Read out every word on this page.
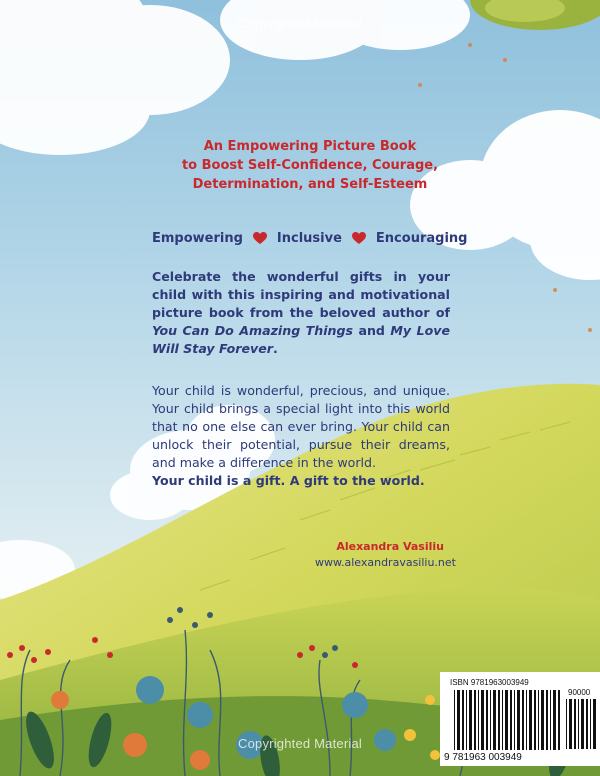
Copyrighted Material
An Empowering Picture Book
to Boost Self-Confidence, Courage,
Determination, and Self-Esteem
Empowering	Inclusive	Encouraging
Celebrate the wonderful gifts in your child with this inspiring and motivational picture book from the beloved author of You Can Do Amazing Things and My Love Will Stay Forever.
Your child is wonderful, precious, and unique. Your child brings a special light into this world that no one else can ever bring. Your child can unlock their potential, pursue their dreams, and make a difference in the world.
Your child is a gift. A gift to the world.
Alexandra Vasiliu
www.alexandravasiliu.net
ISBN 9781963003949
90000
9 781963 003949
Copyrighted Material
